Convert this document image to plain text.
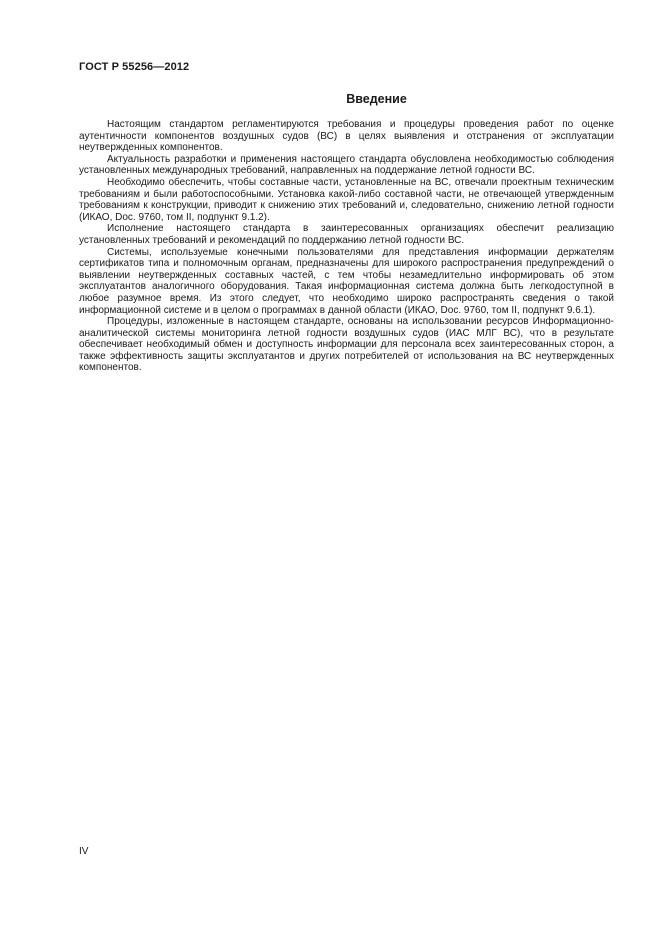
ГОСТ Р 55256—2012
Введение

Настоящим стандартом регламентируются требования и процедуры проведения работ по оценке аутентичности компонентов воздушных судов (ВС) в целях выявления и отстранения от эксплуатации неутвержденных компонентов.

Актуальность разработки и применения настоящего стандарта обусловлена необходимостью соблюдения установленных международных требований, направленных на поддержание летной годности ВС.

Необходимо обеспечить, чтобы составные части, установленные на ВС, отвечали проектным техническим требованиям и были работоспособными. Установка какой-либо составной части, не отвечающей утвержденным требованиям к конструкции, приводит к снижению этих требований и, следовательно, снижению летной годности (ИКАО, Doc. 9760, том II, подпункт 9.1.2).

Исполнение настоящего стандарта в заинтересованных организациях обеспечит реализацию установленных требований и рекомендаций по поддержанию летной годности ВС.

Системы, используемые конечными пользователями для представления информации держателям сертификатов типа и полномочным органам, предназначены для широкого распространения предупреждений о выявлении неутвержденных составных частей, с тем чтобы незамедлительно информировать об этом эксплуатантов аналогичного оборудования. Такая информационная система должна быть легкодоступной в любое разумное время. Из этого следует, что необходимо широко распространять сведения о такой информационной системе и в целом о программах в данной области (ИКАО, Doc. 9760, том II, подпункт 9.6.1).

Процедуры, изложенные в настоящем стандарте, основаны на использовании ресурсов Информационно-аналитической системы мониторинга летной годности воздушных судов (ИАС МЛГ ВС), что в результате обеспечивает необходимый обмен и доступность информации для персонала всех заинтересованных сторон, а также эффективность защиты эксплуатантов и других потребителей от использования на ВС неутвержденных компонентов.

IV
